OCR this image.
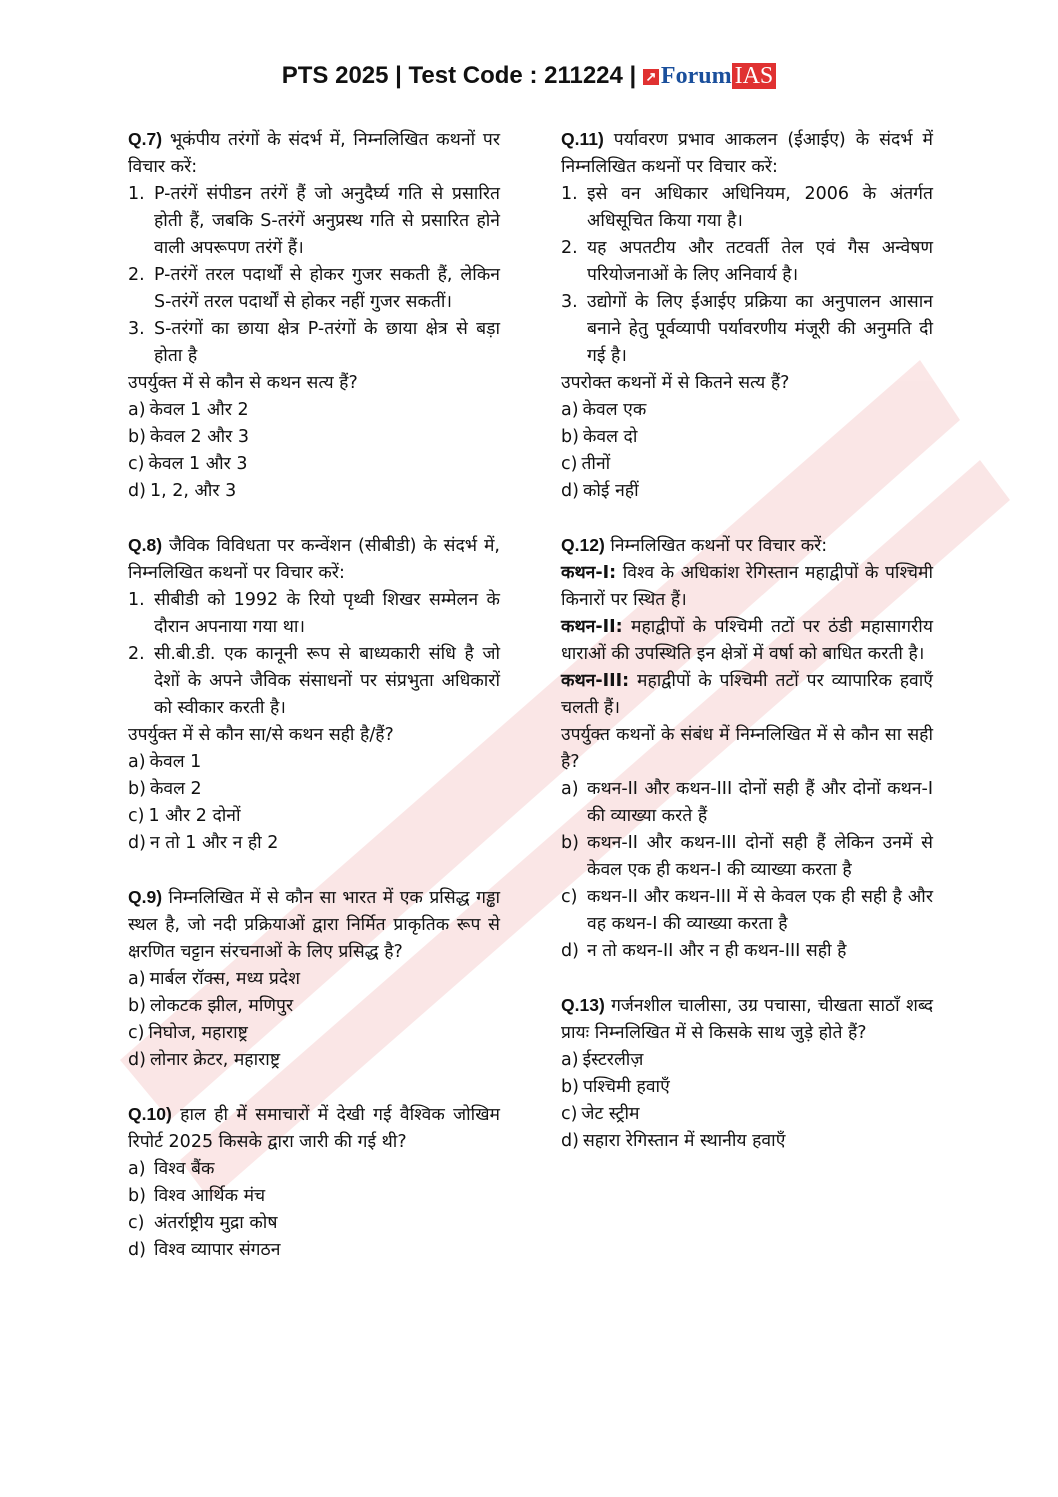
PTS 2025 | Test Code : 211224 | ↗ Forum IAS
Q.7) भूकंपीय तरंगों के संदर्भ में, निम्नलिखित कथनों पर विचार करें:
1. P-तरंगें संपीडन तरंगें हैं जो अनुदैर्घ्य गति से प्रसारित होती हैं, जबकि S-तरंगें अनुप्रस्थ गति से प्रसारित होने वाली अपरूपण तरंगें हैं।
2. P-तरंगें तरल पदार्थों से होकर गुजर सकती हैं, लेकिन S-तरंगें तरल पदार्थों से होकर नहीं गुजर सकतीं।
3. S-तरंगों का छाया क्षेत्र P-तरंगों के छाया क्षेत्र से बड़ा होता है
उपर्युक्त में से कौन से कथन सत्य हैं?
a) केवल 1 और 2
b) केवल 2 और 3
c) केवल 1 और 3
d) 1, 2, और 3
Q.8) जैविक विविधता पर कन्वेंशन (सीबीडी) के संदर्भ में, निम्नलिखित कथनों पर विचार करें:
1. सीबीडी को 1992 के रियो पृथ्वी शिखर सम्मेलन के दौरान अपनाया गया था।
2. सी.बी.डी. एक कानूनी रूप से बाध्यकारी संधि है जो देशों के अपने जैविक संसाधनों पर संप्रभुता अधिकारों को स्वीकार करती है।
उपर्युक्त में से कौन सा/से कथन सही है/हैं?
a) केवल 1
b) केवल 2
c) 1 और 2 दोनों
d) न तो 1 और न ही 2
Q.9) निम्नलिखित में से कौन सा भारत में एक प्रसिद्ध गड्ढा स्थल है, जो नदी प्रक्रियाओं द्वारा निर्मित प्राकृतिक रूप से क्षरणित चट्टान संरचनाओं के लिए प्रसिद्ध है?
a) मार्बल रॉक्स, मध्य प्रदेश
b) लोकटक झील, मणिपुर
c) निघोज, महाराष्ट्र
d) लोनार क्रेटर, महाराष्ट्र
Q.10) हाल ही में समाचारों में देखी गई वैश्विक जोखिम रिपोर्ट 2025 किसके द्वारा जारी की गई थी?
a) विश्व बैंक
b) विश्व आर्थिक मंच
c) अंतर्राष्ट्रीय मुद्रा कोष
d) विश्व व्यापार संगठन
Q.11) पर्यावरण प्रभाव आकलन (ईआईए) के संदर्भ में निम्नलिखित कथनों पर विचार करें:
1. इसे वन अधिकार अधिनियम, 2006 के अंतर्गत अधिसूचित किया गया है।
2. यह अपतटीय और तटवर्ती तेल एवं गैस अन्वेषण परियोजनाओं के लिए अनिवार्य है।
3. उद्योगों के लिए ईआईए प्रक्रिया का अनुपालन आसान बनाने हेतु पूर्वव्यापी पर्यावरणीय मंजूरी की अनुमति दी गई है।
उपरोक्त कथनों में से कितने सत्य हैं?
a) केवल एक
b) केवल दो
c) तीनों
d) कोई नहीं
Q.12) निम्नलिखित कथनों पर विचार करें:
कथन-I: विश्व के अधिकांश रेगिस्तान महाद्वीपों के पश्चिमी किनारों पर स्थित हैं।
कथन-II: महाद्वीपों के पश्चिमी तटों पर ठंडी महासागरीय धाराओं की उपस्थिति इन क्षेत्रों में वर्षा को बाधित करती है।
कथन-III: महाद्वीपों के पश्चिमी तटों पर व्यापारिक हवाएँ चलती हैं।
उपर्युक्त कथनों के संबंध में निम्नलिखित में से कौन सा सही है?
a) कथन-II और कथन-III दोनों सही हैं और दोनों कथन-I की व्याख्या करते हैं
b) कथन-II और कथन-III दोनों सही हैं लेकिन उनमें से केवल एक ही कथन-I की व्याख्या करता है
c) कथन-II और कथन-III में से केवल एक ही सही है और वह कथन-I की व्याख्या करता है
d) न तो कथन-II और न ही कथन-III सही है
Q.13) गर्जनशील चालीसा, उग्र पचासा, चीखता साठाँ शब्द प्रायः निम्नलिखित में से किसके साथ जुड़े होते हैं?
a) ईस्टरलीज़
b) पश्चिमी हवाएँ
c) जेट स्ट्रीम
d) सहारा रेगिस्तान में स्थानीय हवाएँ
